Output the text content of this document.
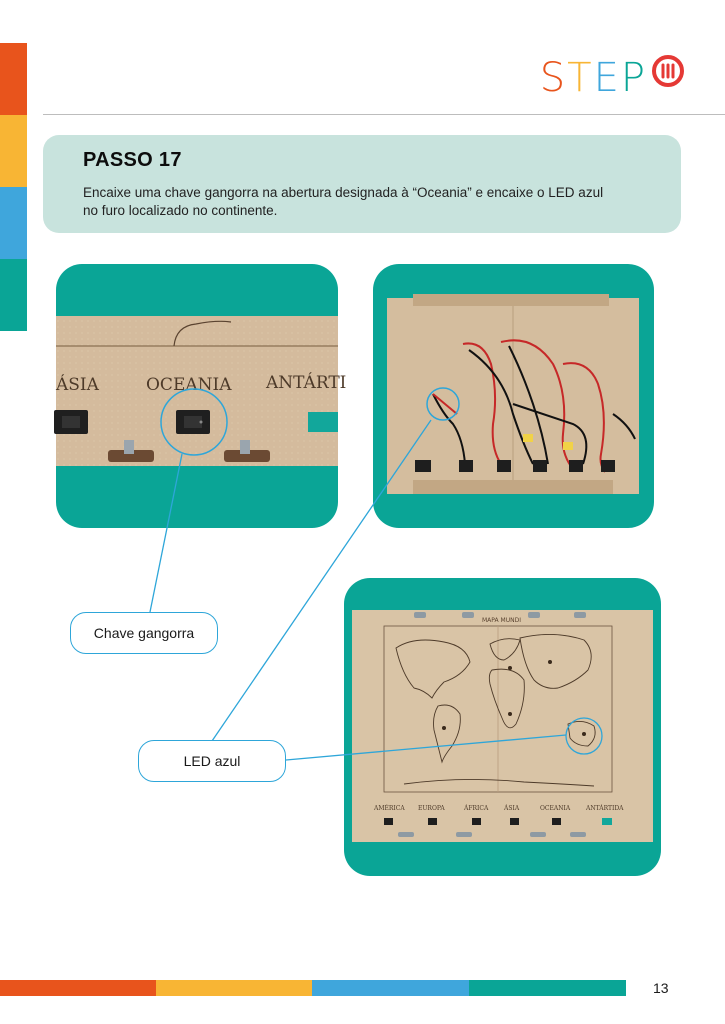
STEP
PASSO 17
Encaixe uma chave gangorra na abertura designada à “Oceania” e encaixe o LED azul
no furo localizado no continente.
ÁSIA	OCEANIA ANTÁRTI
MAPA MUNDI
AMÉRICA EUROPA	ÁFRICA	ÁSIA	OCEANIA	ANTÁRTIDA
Chave gangorra
LED azul
13
